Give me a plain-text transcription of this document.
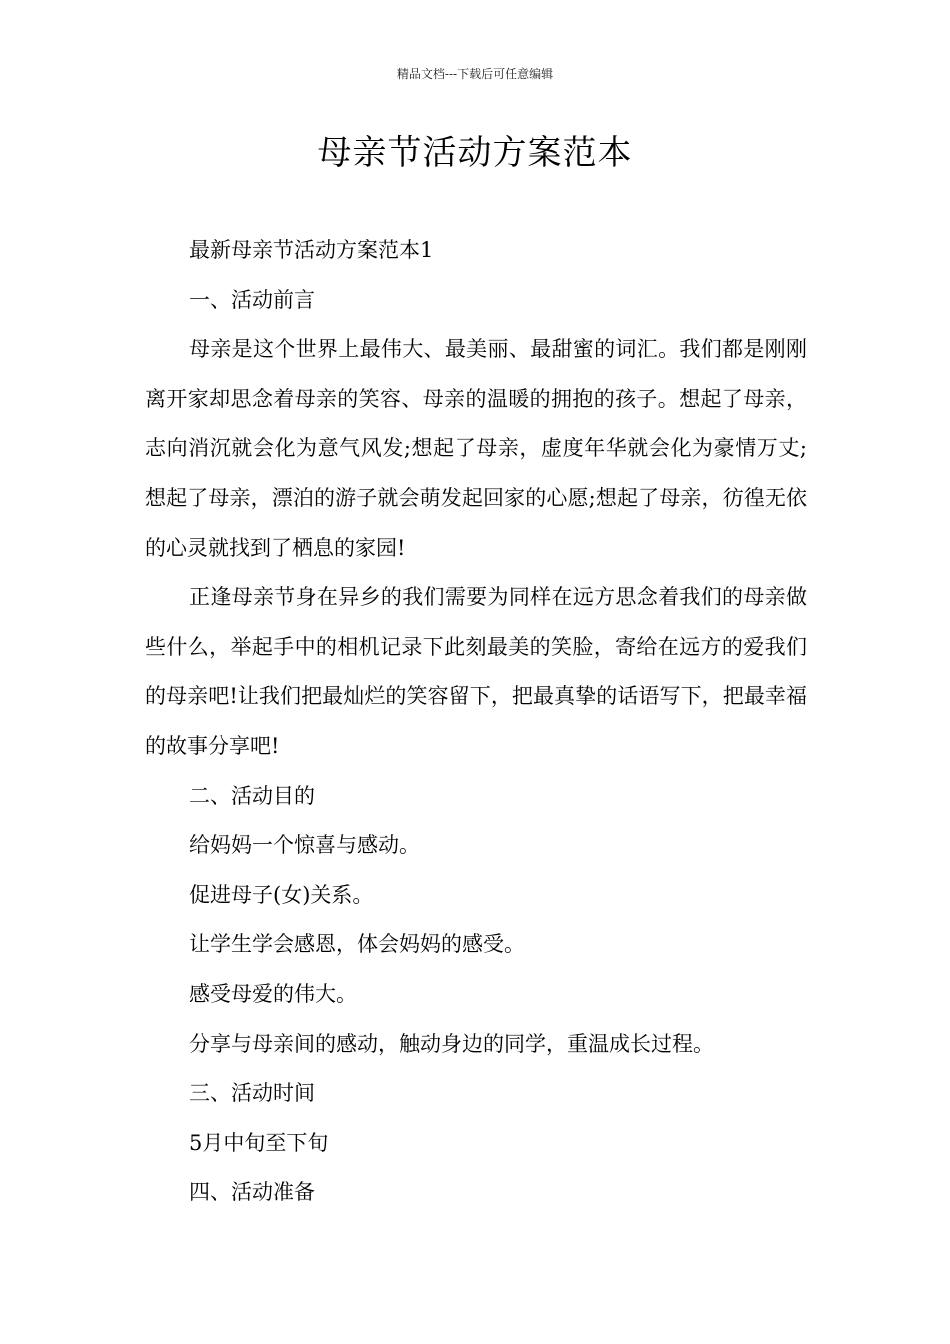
精品文档---下载后可任意编辑
母亲节活动方案范本

最新母亲节活动方案范本1

一、活动前言

母亲是这个世界上最伟大、最美丽、最甜蜜的词汇。我们都是刚刚离开家却思念着母亲的笑容、母亲的温暖的拥抱的孩子。想起了母亲，志向消沉就会化为意气风发;想起了母亲，虚度年华就会化为豪情万丈;想起了母亲，漂泊的游子就会萌发起回家的心愿;想起了母亲，彷徨无依的心灵就找到了栖息的家园!

正逢母亲节身在异乡的我们需要为同样在远方思念着我们的母亲做些什么，举起手中的相机记录下此刻最美的笑脸，寄给在远方的爱我们的母亲吧!让我们把最灿烂的笑容留下，把最真挚的话语写下，把最幸福的故事分享吧!

二、活动目的

给妈妈一个惊喜与感动。

促进母子(女)关系。

让学生学会感恩，体会妈妈的感受。

感受母爱的伟大。

分享与母亲间的感动，触动身边的同学，重温成长过程。

三、活动时间

5月中旬至下旬

四、活动准备
